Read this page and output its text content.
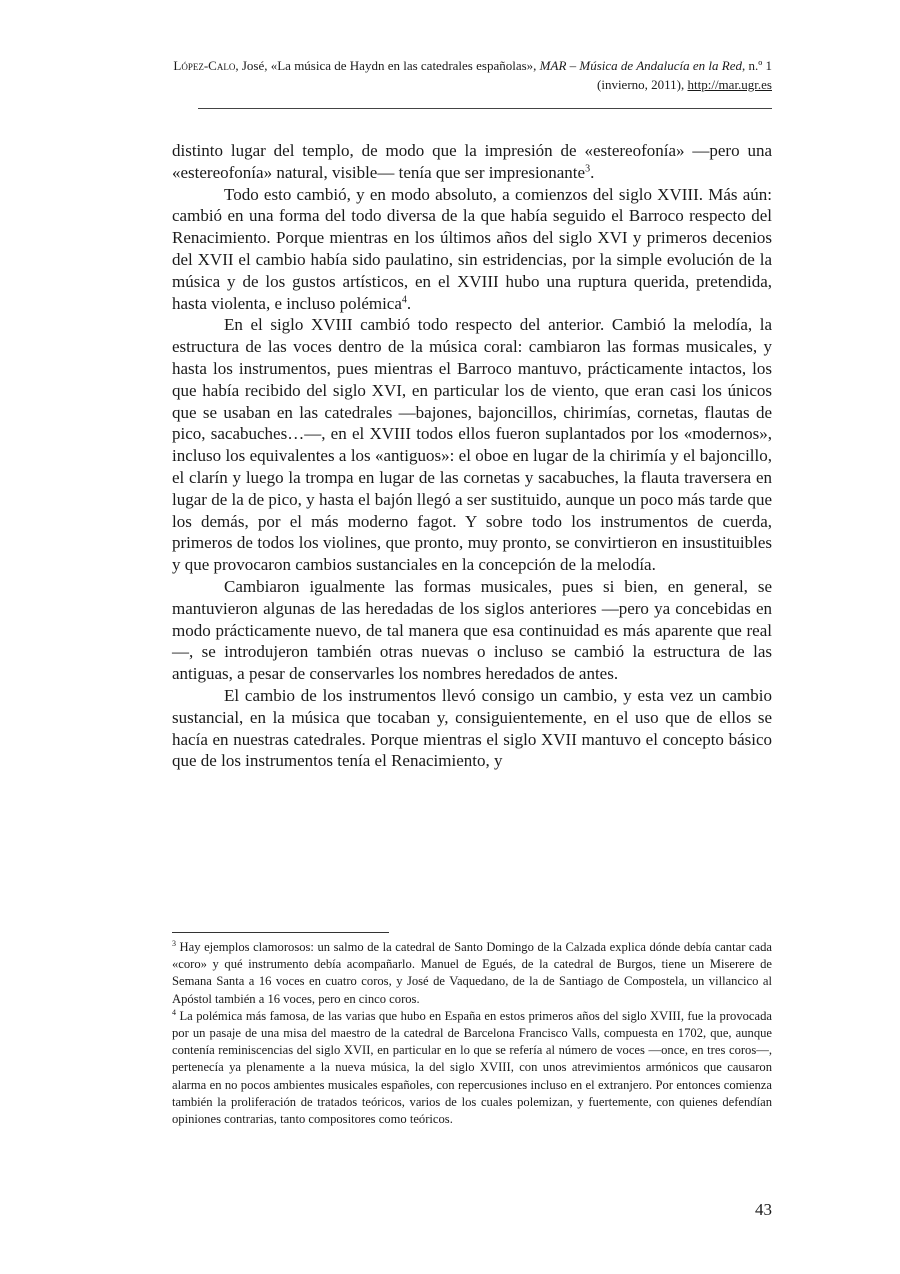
López-Calo, José, «La música de Haydn en las catedrales españolas», MAR – Música de Andalucía en la Red, n.º 1 (invierno, 2011), http://mar.ugr.es

distinto lugar del templo, de modo que la impresión de «estereofonía» —pero una «estereofonía» natural, visible— tenía que ser impresionante$^3$.

Todo esto cambió, y en modo absoluto, a comienzos del siglo XVIII. Más aún: cambió en una forma del todo diversa de la que había seguido el Barroco respecto del Renacimiento. Porque mientras en los últimos años del siglo XVI y primeros decenios del XVII el cambio había sido paulatino, sin estridencias, por la simple evolución de la música y de los gustos artísticos, en el XVIII hubo una ruptura querida, pretendida, hasta violenta, e incluso polémica$^4$.

En el siglo XVIII cambió todo respecto del anterior. Cambió la melodía, la estructura de las voces dentro de la música coral: cambiaron las formas musicales, y hasta los instrumentos, pues mientras el Barroco mantuvo, prácticamente intactos, los que había recibido del siglo XVI, en particular los de viento, que eran casi los únicos que se usaban en las catedrales —bajones, bajoncillos, chirimías, cornetas, flautas de pico, sacabuches…—, en el XVIII todos ellos fueron suplantados por los «modernos», incluso los equivalentes a los «antiguos»: el oboe en lugar de la chirimía y el bajoncillo, el clarín y luego la trompa en lugar de las cornetas y sacabuches, la flauta traversera en lugar de la de pico, y hasta el bajón llegó a ser sustituido, aunque un poco más tarde que los demás, por el más moderno fagot. Y sobre todo los instrumentos de cuerda, primeros de todos los violines, que pronto, muy pronto, se convirtieron en insustituibles y que provocaron cambios sustanciales en la concepción de la melodía.

Cambiaron igualmente las formas musicales, pues si bien, en general, se mantuvieron algunas de las heredadas de los siglos anteriores —pero ya concebidas en modo prácticamente nuevo, de tal manera que esa continuidad es más aparente que real—, se introdujeron también otras nuevas o incluso se cambió la estructura de las antiguas, a pesar de conservarles los nombres heredados de antes.

El cambio de los instrumentos llevó consigo un cambio, y esta vez un cambio sustancial, en la música que tocaban y, consiguientemente, en el uso que de ellos se hacía en nuestras catedrales. Porque mientras el siglo XVII mantuvo el concepto básico que de los instrumentos tenía el Renacimiento, y

$^3$ Hay ejemplos clamorosos: un salmo de la catedral de Santo Domingo de la Calzada explica dónde debía cantar cada «coro» y qué instrumento debía acompañarlo. Manuel de Egués, de la catedral de Burgos, tiene un Miserere de Semana Santa a 16 voces en cuatro coros, y José de Vaquedano, de la de Santiago de Compostela, un villancico al Apóstol también a 16 voces, pero en cinco coros.

$^4$ La polémica más famosa, de las varias que hubo en España en estos primeros años del siglo XVIII, fue la provocada por un pasaje de una misa del maestro de la catedral de Barcelona Francisco Valls, compuesta en 1702, que, aunque contenía reminiscencias del siglo XVII, en particular en lo que se refería al número de voces —once, en tres coros—, pertenecía ya plenamente a la nueva música, la del siglo XVIII, con unos atrevimientos armónicos que causaron alarma en no pocos ambientes musicales españoles, con repercusiones incluso en el extranjero. Por entonces comienza también la proliferación de tratados teóricos, varios de los cuales polemizan, y fuertemente, con quienes defendían opiniones contrarias, tanto compositores como teóricos.

43
